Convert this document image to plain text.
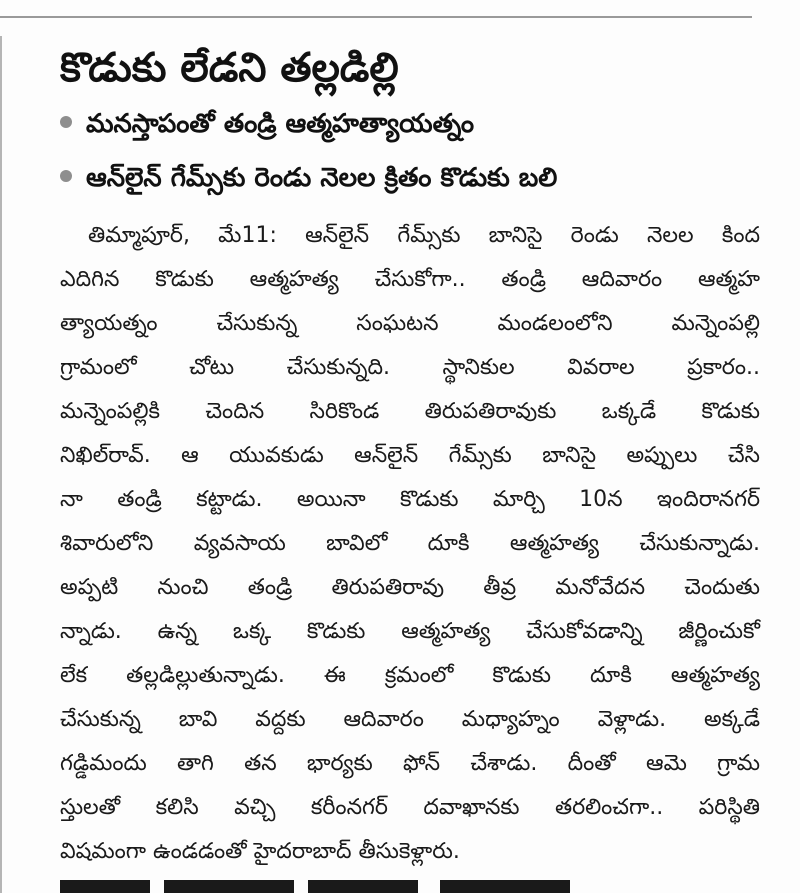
కొడుకు లేడని తల్లడిల్లి
మనస్తాపంతో తండ్రి ఆత్మహత్యాయత్నం
ఆన్‌లైన్ గేమ్స్‌కు రెండు నెలల క్రితం కొడుకు బలి
తిమ్మాపూర్, మే11: ఆన్‌లైన్ గేమ్స్‌కు బానిసై రెండు నెలల కింద
ఎదిగిన కొడుకు ఆత్మహత్య చేసుకోగా.. తండ్రి ఆదివారం ఆత్మహ
త్యాయత్నం చేసుకున్న సంఘటన మండలంలోని మన్నెంపల్లి
గ్రామంలో చోటు చేసుకున్నది. స్థానికుల వివరాల ప్రకారం..
మన్నెంపల్లికి చెందిన సిరికొండ తిరుపతిరావుకు ఒక్కడే కొడుకు
నిఖిల్‌రావ్. ఆ యువకుడు ఆన్‌లైన్ గేమ్స్‌కు బానిసై అప్పులు చేసి
నా తండ్రి కట్టాడు. అయినా కొడుకు మార్చి 10న ఇందిరానగర్
శివారులోని వ్యవసాయ బావిలో దూకి ఆత్మహత్య చేసుకున్నాడు.
అప్పటి నుంచి తండ్రి తిరుపతిరావు తీవ్ర మనోవేదన చెందుతు
న్నాడు. ఉన్న ఒక్క కొడుకు ఆత్మహత్య చేసుకోవడాన్ని జీర్ణించుకో
లేక తల్లడిల్లుతున్నాడు. ఈ క్రమంలో కొడుకు దూకి ఆత్మహత్య
చేసుకున్న బావి వద్దకు ఆదివారం మధ్యాహ్నం వెళ్లాడు. అక్కడే
గడ్డిమందు తాగి తన భార్యకు ఫోన్ చేశాడు. దీంతో ఆమె గ్రామ
స్తులతో కలిసి వచ్చి కరీంనగర్ దవాఖానకు తరలించగా.. పరిస్థితి
విషమంగా ఉండడంతో హైదరాబాద్ తీసుకెళ్లారు.
